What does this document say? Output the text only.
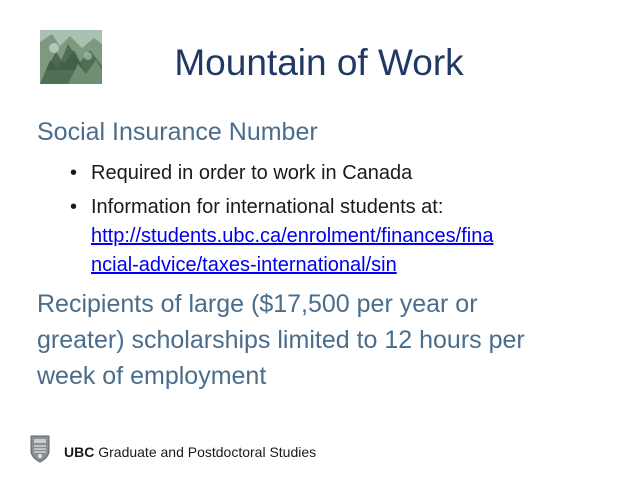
Mountain of Work
Social Insurance Number
• Required in order to work in Canada
• Information for international students at:
http://students.ubc.ca/enrolment/finances/fina
ncial-advice/taxes-international/sin
Recipients of large ($17,500 per year or
greater) scholarships limited to 12 hours per
week of employment
UBC Graduate and Postdoctoral Studies
